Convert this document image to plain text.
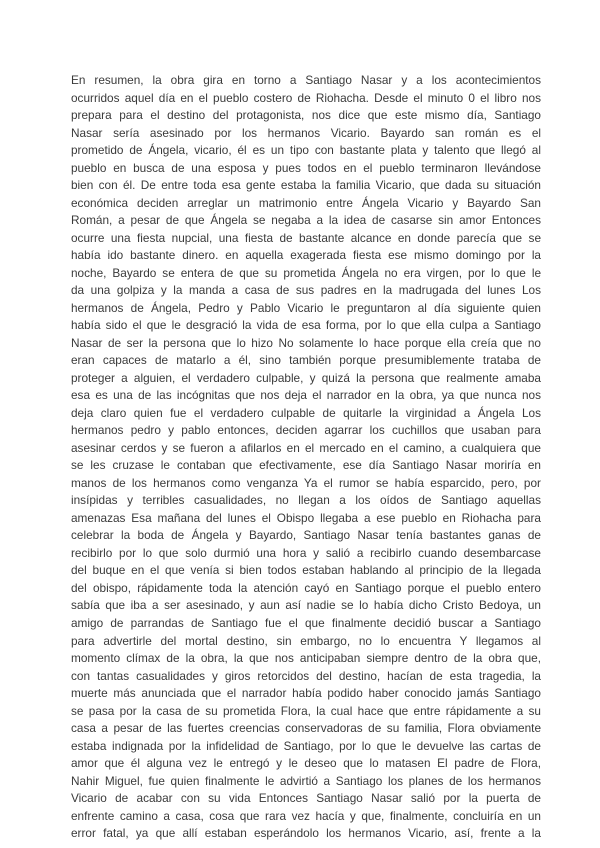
En resumen, la obra gira en torno a Santiago Nasar y a los acontecimientos
ocurridos aquel día en el pueblo costero de Riohacha. Desde el minuto 0 el libro nos
prepara para el destino del protagonista, nos dice que este mismo día, Santiago
Nasar sería asesinado por los hermanos Vicario. Bayardo san román es el
prometido de Ángela, vicario, él es un tipo con bastante plata y talento que llegó al
pueblo en busca de una esposa y pues todos en el pueblo terminaron llevándose
bien con él. De entre toda esa gente estaba la familia Vicario, que dada su situación
económica deciden arreglar un matrimonio entre Ángela Vicario y Bayardo San
Román, a pesar de que Ángela se negaba a la idea de casarse sin amor Entonces
ocurre una fiesta nupcial, una fiesta de bastante alcance en donde parecía que se
había ido bastante dinero. en aquella exagerada fiesta ese mismo domingo por la
noche, Bayardo se entera de que su prometida Ángela no era virgen, por lo que le
da una golpiza y la manda a casa de sus padres en la madrugada del lunes Los
hermanos de Ángela, Pedro y Pablo Vicario le preguntaron al día siguiente quien
había sido el que le desgració la vida de esa forma, por lo que ella culpa a Santiago
Nasar de ser la persona que lo hizo No solamente lo hace porque ella creía que no
eran capaces de matarlo a él, sino también porque presumiblemente trataba de
proteger a alguien, el verdadero culpable, y quizá la persona que realmente amaba
esa es una de las incógnitas que nos deja el narrador en la obra, ya que nunca nos
deja claro quien fue el verdadero culpable de quitarle la virginidad a Ángela Los
hermanos pedro y pablo entonces, deciden agarrar los cuchillos que usaban para
asesinar cerdos y se fueron a afilarlos en el mercado en el camino, a cualquiera que
se les cruzase le contaban que efectivamente, ese día Santiago Nasar moriría en
manos de los hermanos como venganza Ya el rumor se había esparcido, pero, por
insípidas y terribles casualidades, no llegan a los oídos de Santiago aquellas
amenazas Esa mañana del lunes el Obispo llegaba a ese pueblo en Riohacha para
celebrar la boda de Ángela y Bayardo, Santiago Nasar tenía bastantes ganas de
recibirlo por lo que solo durmió una hora y salió a recibirlo cuando desembarcase
del buque en el que venía si bien todos estaban hablando al principio de la llegada
del obispo, rápidamente toda la atención cayó en Santiago porque el pueblo entero
sabía que iba a ser asesinado, y aun así nadie se lo había dicho Cristo Bedoya, un
amigo de parrandas de Santiago fue el que finalmente decidió buscar a Santiago
para advertirle del mortal destino, sin embargo, no lo encuentra Y llegamos al
momento clímax de la obra, la que nos anticipaban siempre dentro de la obra que,
con tantas casualidades y giros retorcidos del destino, hacían de esta tragedia, la
muerte más anunciada que el narrador había podido haber conocido jamás Santiago
se pasa por la casa de su prometida Flora, la cual hace que entre rápidamente a su
casa a pesar de las fuertes creencias conservadoras de su familia, Flora obviamente
estaba indignada por la infidelidad de Santiago, por lo que le devuelve las cartas de
amor que él alguna vez le entregó y le deseo que lo matasen El padre de Flora,
Nahir Miguel, fue quien finalmente le advirtió a Santiago los planes de los hermanos
Vicario de acabar con su vida Entonces Santiago Nasar salió por la puerta de
enfrente camino a casa, cosa que rara vez hacía y que, finalmente, concluiría en un
error fatal, ya que allí estaban esperándolo los hermanos Vicario, así, frente a la
